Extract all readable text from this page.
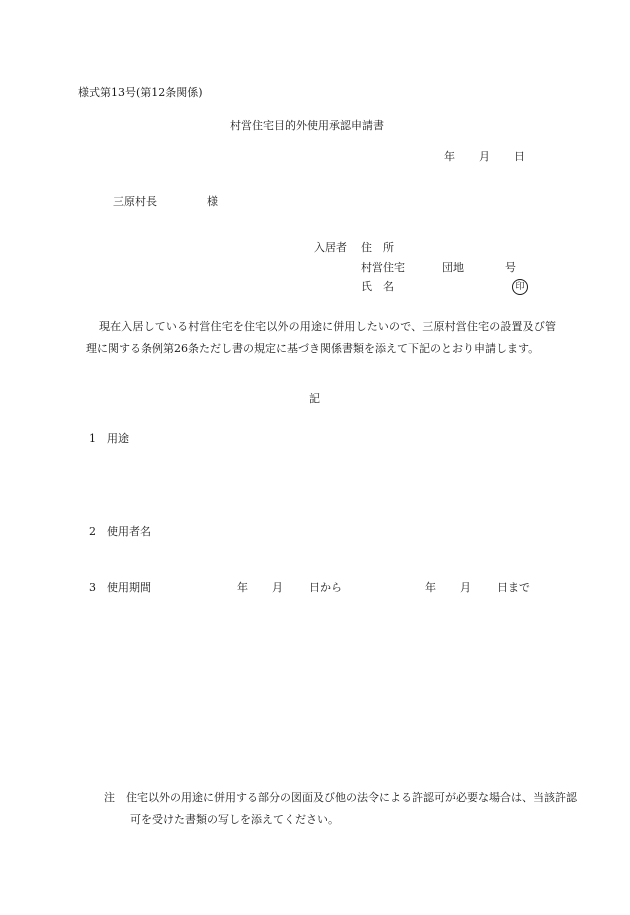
様式第13号(第12条関係)
村営住宅目的外使用承認申請書
年 月 日
三原村長	様
入居者 住　所
村営住宅	団地	号
氏　名	印
現在入居している村営住宅を住宅以外の用途に併用したいので、三原村営住宅の設置及び管理に関する条例第26条ただし書の規定に基づき関係書類を添えて下記のとおり申請します。
記
1 用途
2 使用者名
3 使用期間	年 月 日から	年 月 日まで
注　住宅以外の用途に併用する部分の図面及び他の法令による許認可が必要な場合は、当該許認可を受けた書類の写しを添えてください。
